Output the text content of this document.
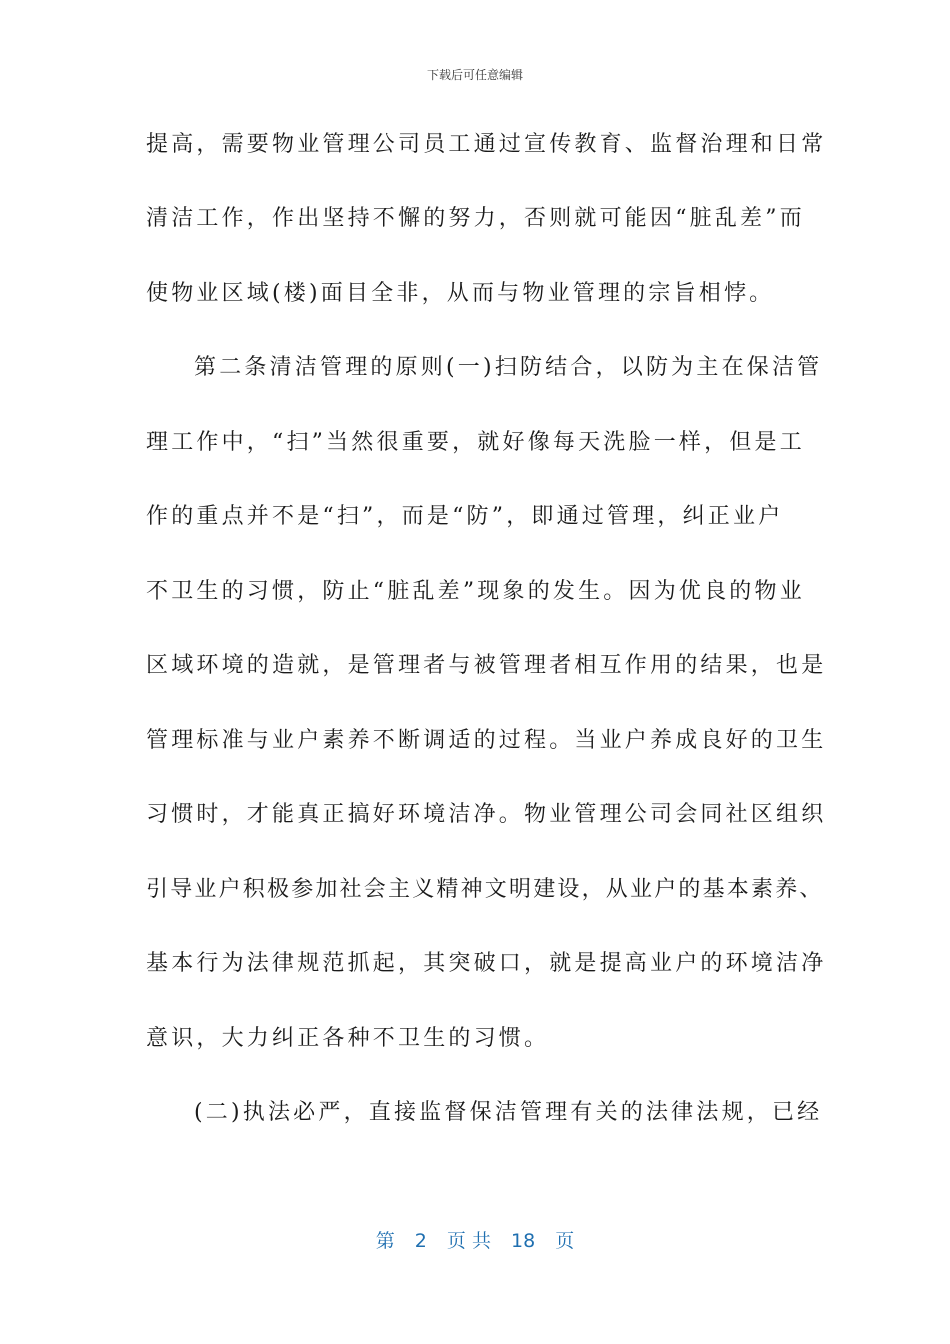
下载后可任意编辑
提高，需要物业管理公司员工通过宣传教育、监督治理和日常
清洁工作，作出坚持不懈的努力，否则就可能因“脏乱差”而
使物业区域(楼)面目全非，从而与物业管理的宗旨相悖。
第二条清洁管理的原则(一)扫防结合，以防为主在保洁管
理工作中，“扫”当然很重要，就好像每天洗脸一样，但是工
作的重点并不是“扫”，而是“防”，即通过管理，纠正业户
不卫生的习惯，防止“脏乱差”现象的发生。因为优良的物业
区域环境的造就，是管理者与被管理者相互作用的结果，也是
管理标准与业户素养不断调适的过程。当业户养成良好的卫生
习惯时，才能真正搞好环境洁净。物业管理公司会同社区组织
引导业户积极参加社会主义精神文明建设，从业户的基本素养、
基本行为法律规范抓起，其突破口，就是提高业户的环境洁净
意识，大力纠正各种不卫生的习惯。
(二)执法必严，直接监督保洁管理有关的法律法规，已经
第 2 页 共 18 页
